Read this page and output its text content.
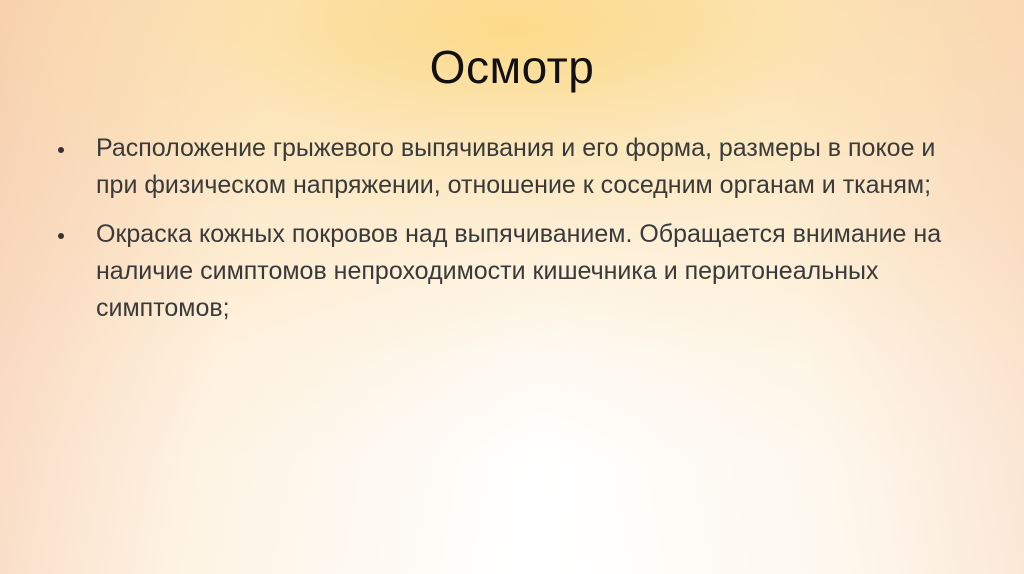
Осмотр
Расположение грыжевого выпячивания и его форма, размеры в покое и при физическом напряжении, отношение к соседним органам и тканям;
Окраска кожных покровов над выпячиванием. Обращается внимание на наличие симптомов непроходимости кишечника и перитонеальных симптомов;
